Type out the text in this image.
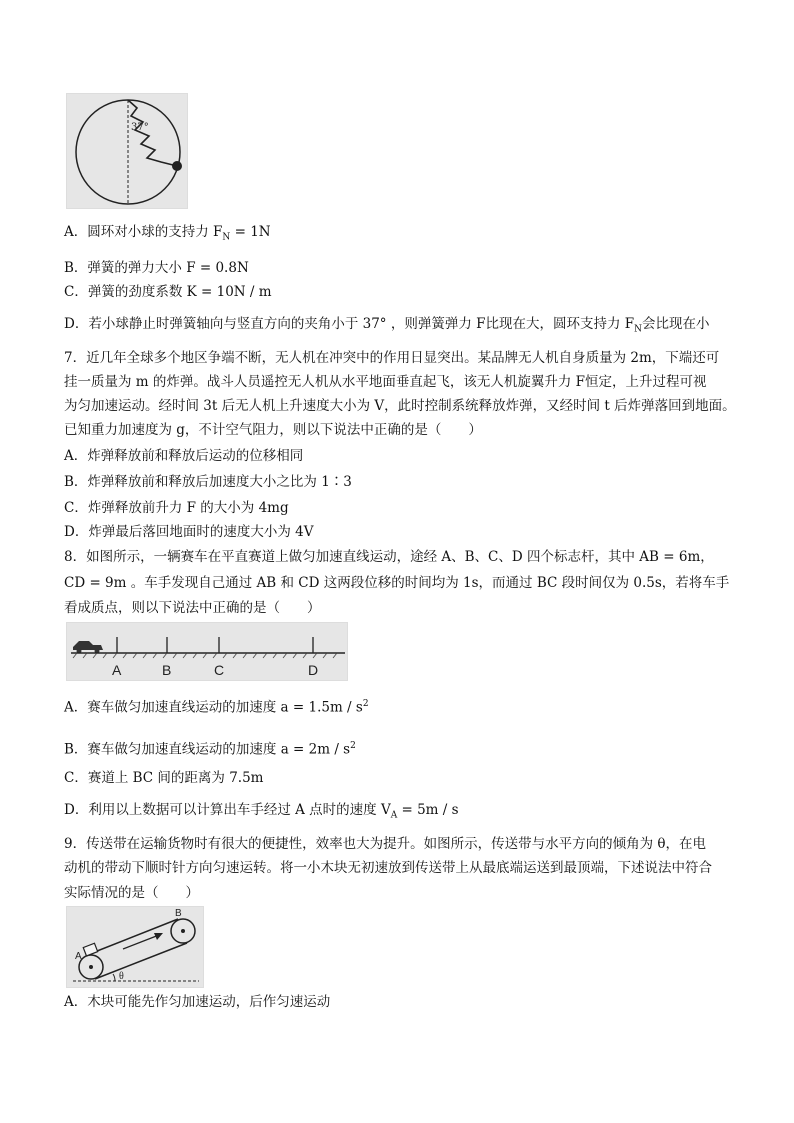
37°
A．圆环对小球的支持力 $F_N = 1N$
B．弹簧的弹力大小 F = 0.8N
C．弹簧的劲度系数 K = 10N / m
D．若小球静止时弹簧轴向与竖直方向的夹角小于 37° ，则弹簧弹力 F比现在大，圆环支持力 $F_N$会比现在小
7．近几年全球多个地区争端不断，无人机在冲突中的作用日显突出。某品牌无人机自身质量为 2m，下端还可
挂一质量为 m 的炸弹。战斗人员遥控无人机从水平地面垂直起飞，该无人机旋翼升力 F恒定，上升过程可视
为匀加速运动。经时间 3t 后无人机上升速度大小为 V，此时控制系统释放炸弹，又经时间 t 后炸弹落回到地面。
已知重力加速度为 g，不计空气阻力，则以下说法中正确的是（　　）
A．炸弹释放前和释放后运动的位移相同
B．炸弹释放前和释放后加速度大小之比为 1∶3
C．炸弹释放前升力 F 的大小为 4mg
D．炸弹最后落回地面时的速度大小为 4V
8．如图所示，一辆赛车在平直赛道上做匀加速直线运动，途经 A、B、C、D 四个标志杆，其中 AB = 6m，
CD = 9m 。车手发现自己通过 AB 和 CD 这两段位移的时间均为 1s，而通过 BC 段时间仅为 0.5s，若将车手
看成质点，则以下说法中正确的是（　　）
A	B	C	D
A．赛车做匀加速直线运动的加速度 $a = 1.5m / s^2$
B．赛车做匀加速直线运动的加速度 $a = 2m / s^2$
C．赛道上 BC 间的距离为 7.5m
D．利用以上数据可以计算出车手经过 A 点时的速度 $V_A = 5m / s$
9．传送带在运输货物时有很大的便捷性，效率也大为提升。如图所示，传送带与水平方向的倾角为 θ，在电
动机的带动下顺时针方向匀速运转。将一小木块无初速放到传送带上从最底端运送到最顶端，下述说法中符合
实际情况的是（　　）
A
B
θ
A．木块可能先作匀加速运动，后作匀速运动
